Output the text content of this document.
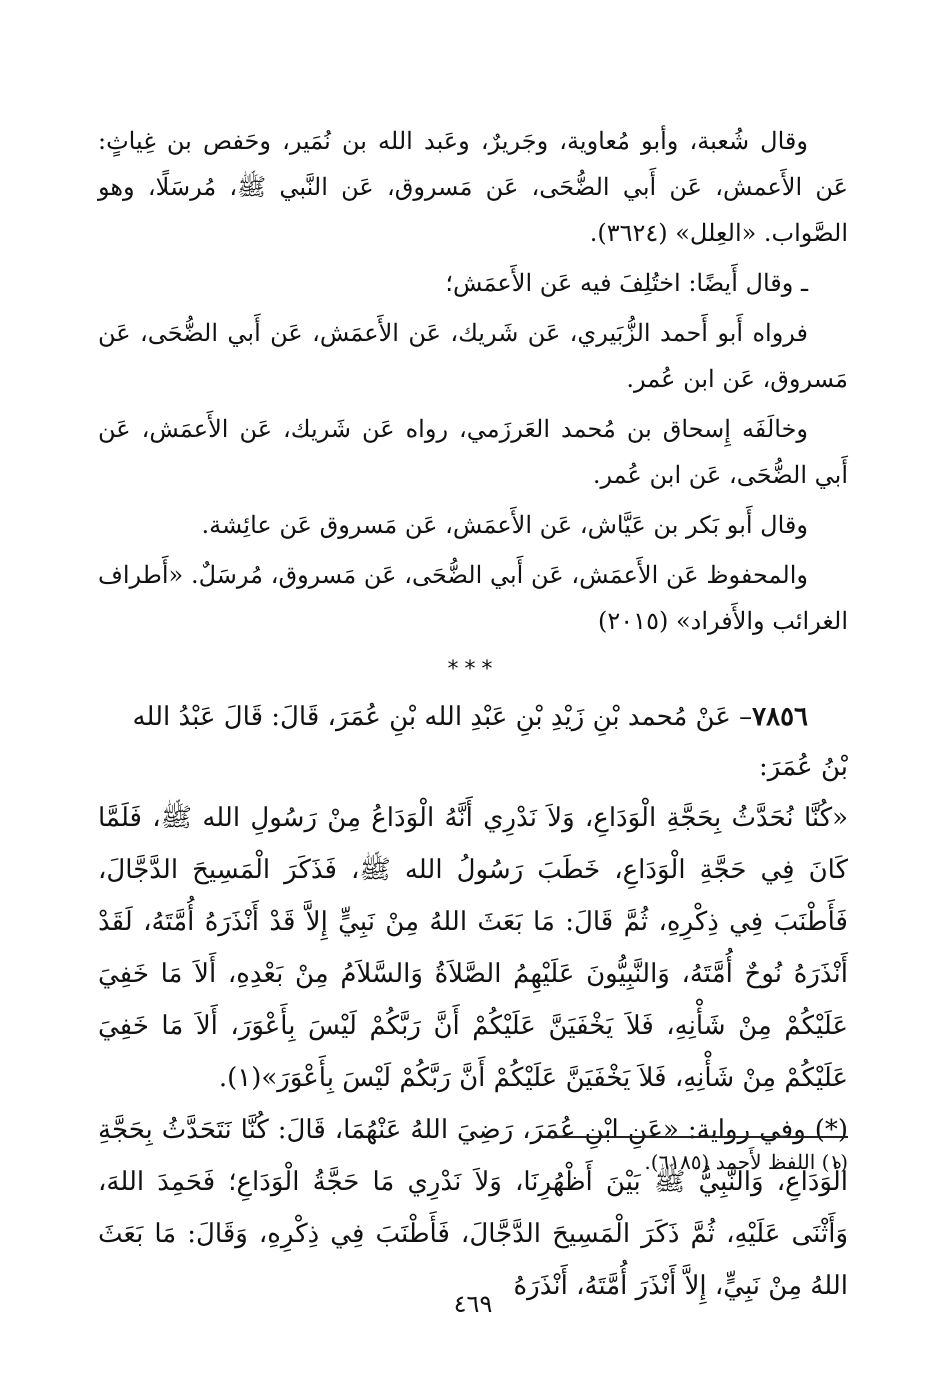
وقال شُعبة، وأبو مُعاوية، وجَريرٌ، وعَبد الله بن نُمَير، وحَفص بن غِياثٍ: عَن الأَعمش، عَن أَبي الضُّحَى، عَن مَسروق، عَن النَّبي ﷺ، مُرسَلًا، وهو الصَّواب. «العِلل» (٣٦٢٤).

ـ وقال أَيضًا: اختُلِفَ فيه عَن الأَعمَش؛

فرواه أَبو أَحمد الزُّبَيري، عَن شَريك، عَن الأَعمَش، عَن أَبي الضُّحَى، عَن مَسروق، عَن ابن عُمر.

وخالَفَه إِسحاق بن مُحمد العَرزَمي، رواه عَن شَريك، عَن الأَعمَش، عَن أَبي الضُّحَى، عَن ابن عُمر.

وقال أَبو بَكر بن عَيَّاش، عَن الأَعمَش، عَن مَسروق عَن عائِشة.

والمحفوظ عَن الأَعمَش، عَن أَبي الضُّحَى، عَن مَسروق، مُرسَلٌ. «أَطراف الغرائب والأَفراد» (٢٠١٥)

***

٧٨٥٦– عَنْ مُحمد بْنِ زَيْدِ بْنِ عَبْدِ الله بْنِ عُمَرَ، قَالَ: قَالَ عَبْدُ الله بْنُ عُمَرَ:

«كُنَّا نُحَدَّثُ بِحَجَّةِ الْوَدَاعِ، وَلاَ نَدْرِي أَنَّهُ الْوَدَاعُ مِنْ رَسُولِ الله ﷺ، فَلَمَّا كَانَ فِي حَجَّةِ الْوَدَاعِ، خَطَبَ رَسُولُ الله ﷺ، فَذَكَرَ الْمَسِيحَ الدَّجَّالَ، فَأَطْنَبَ فِي ذِكْرِهِ، ثُمَّ قَالَ: مَا بَعَثَ اللهُ مِنْ نَبِيٍّ إِلاَّ قَدْ أَنْذَرَهُ أُمَّتَهُ، لَقَدْ أَنْذَرَهُ نُوحٌ أُمَّتَهُ، وَالنَّبِيُّونَ عَلَيْهِمُ الصَّلاَةُ وَالسَّلاَمُ مِنْ بَعْدِهِ، أَلاَ مَا خَفِيَ عَلَيْكُمْ مِنْ شَأْنِهِ، فَلاَ يَخْفَيَنَّ عَلَيْكُمْ أَنَّ رَبَّكُمْ لَيْسَ بِأَعْوَرَ، أَلاَ مَا خَفِيَ عَلَيْكُمْ مِنْ شَأْنِهِ، فَلاَ يَخْفَيَنَّ عَلَيْكُمْ أَنَّ رَبَّكُمْ لَيْسَ بِأَعْوَرَ»(١).

(*) وفي رواية: «عَنِ ابْنِ عُمَرَ، رَضِيَ اللهُ عَنْهُمَا، قَالَ: كُنَّا نَتَحَدَّثُ بِحَجَّةِ الْوَدَاعِ، وَالنَّبِيُّ ﷺ بَيْنَ أَظْهُرِنَا، وَلاَ نَدْرِي مَا حَجَّةُ الْوَدَاعِ؛ فَحَمِدَ اللهَ، وَأَثْنَى عَلَيْهِ، ثُمَّ ذَكَرَ الْمَسِيحَ الدَّجَّالَ، فَأَطْنَبَ فِي ذِكْرِهِ، وَقَالَ: مَا بَعَثَ اللهُ مِنْ نَبِيٍّ، إِلاَّ أَنْذَرَ أُمَّتَهُ، أَنْذَرَهُ

(١) اللفظ لأَحمد (٦١٨٥).
٤٦٩
